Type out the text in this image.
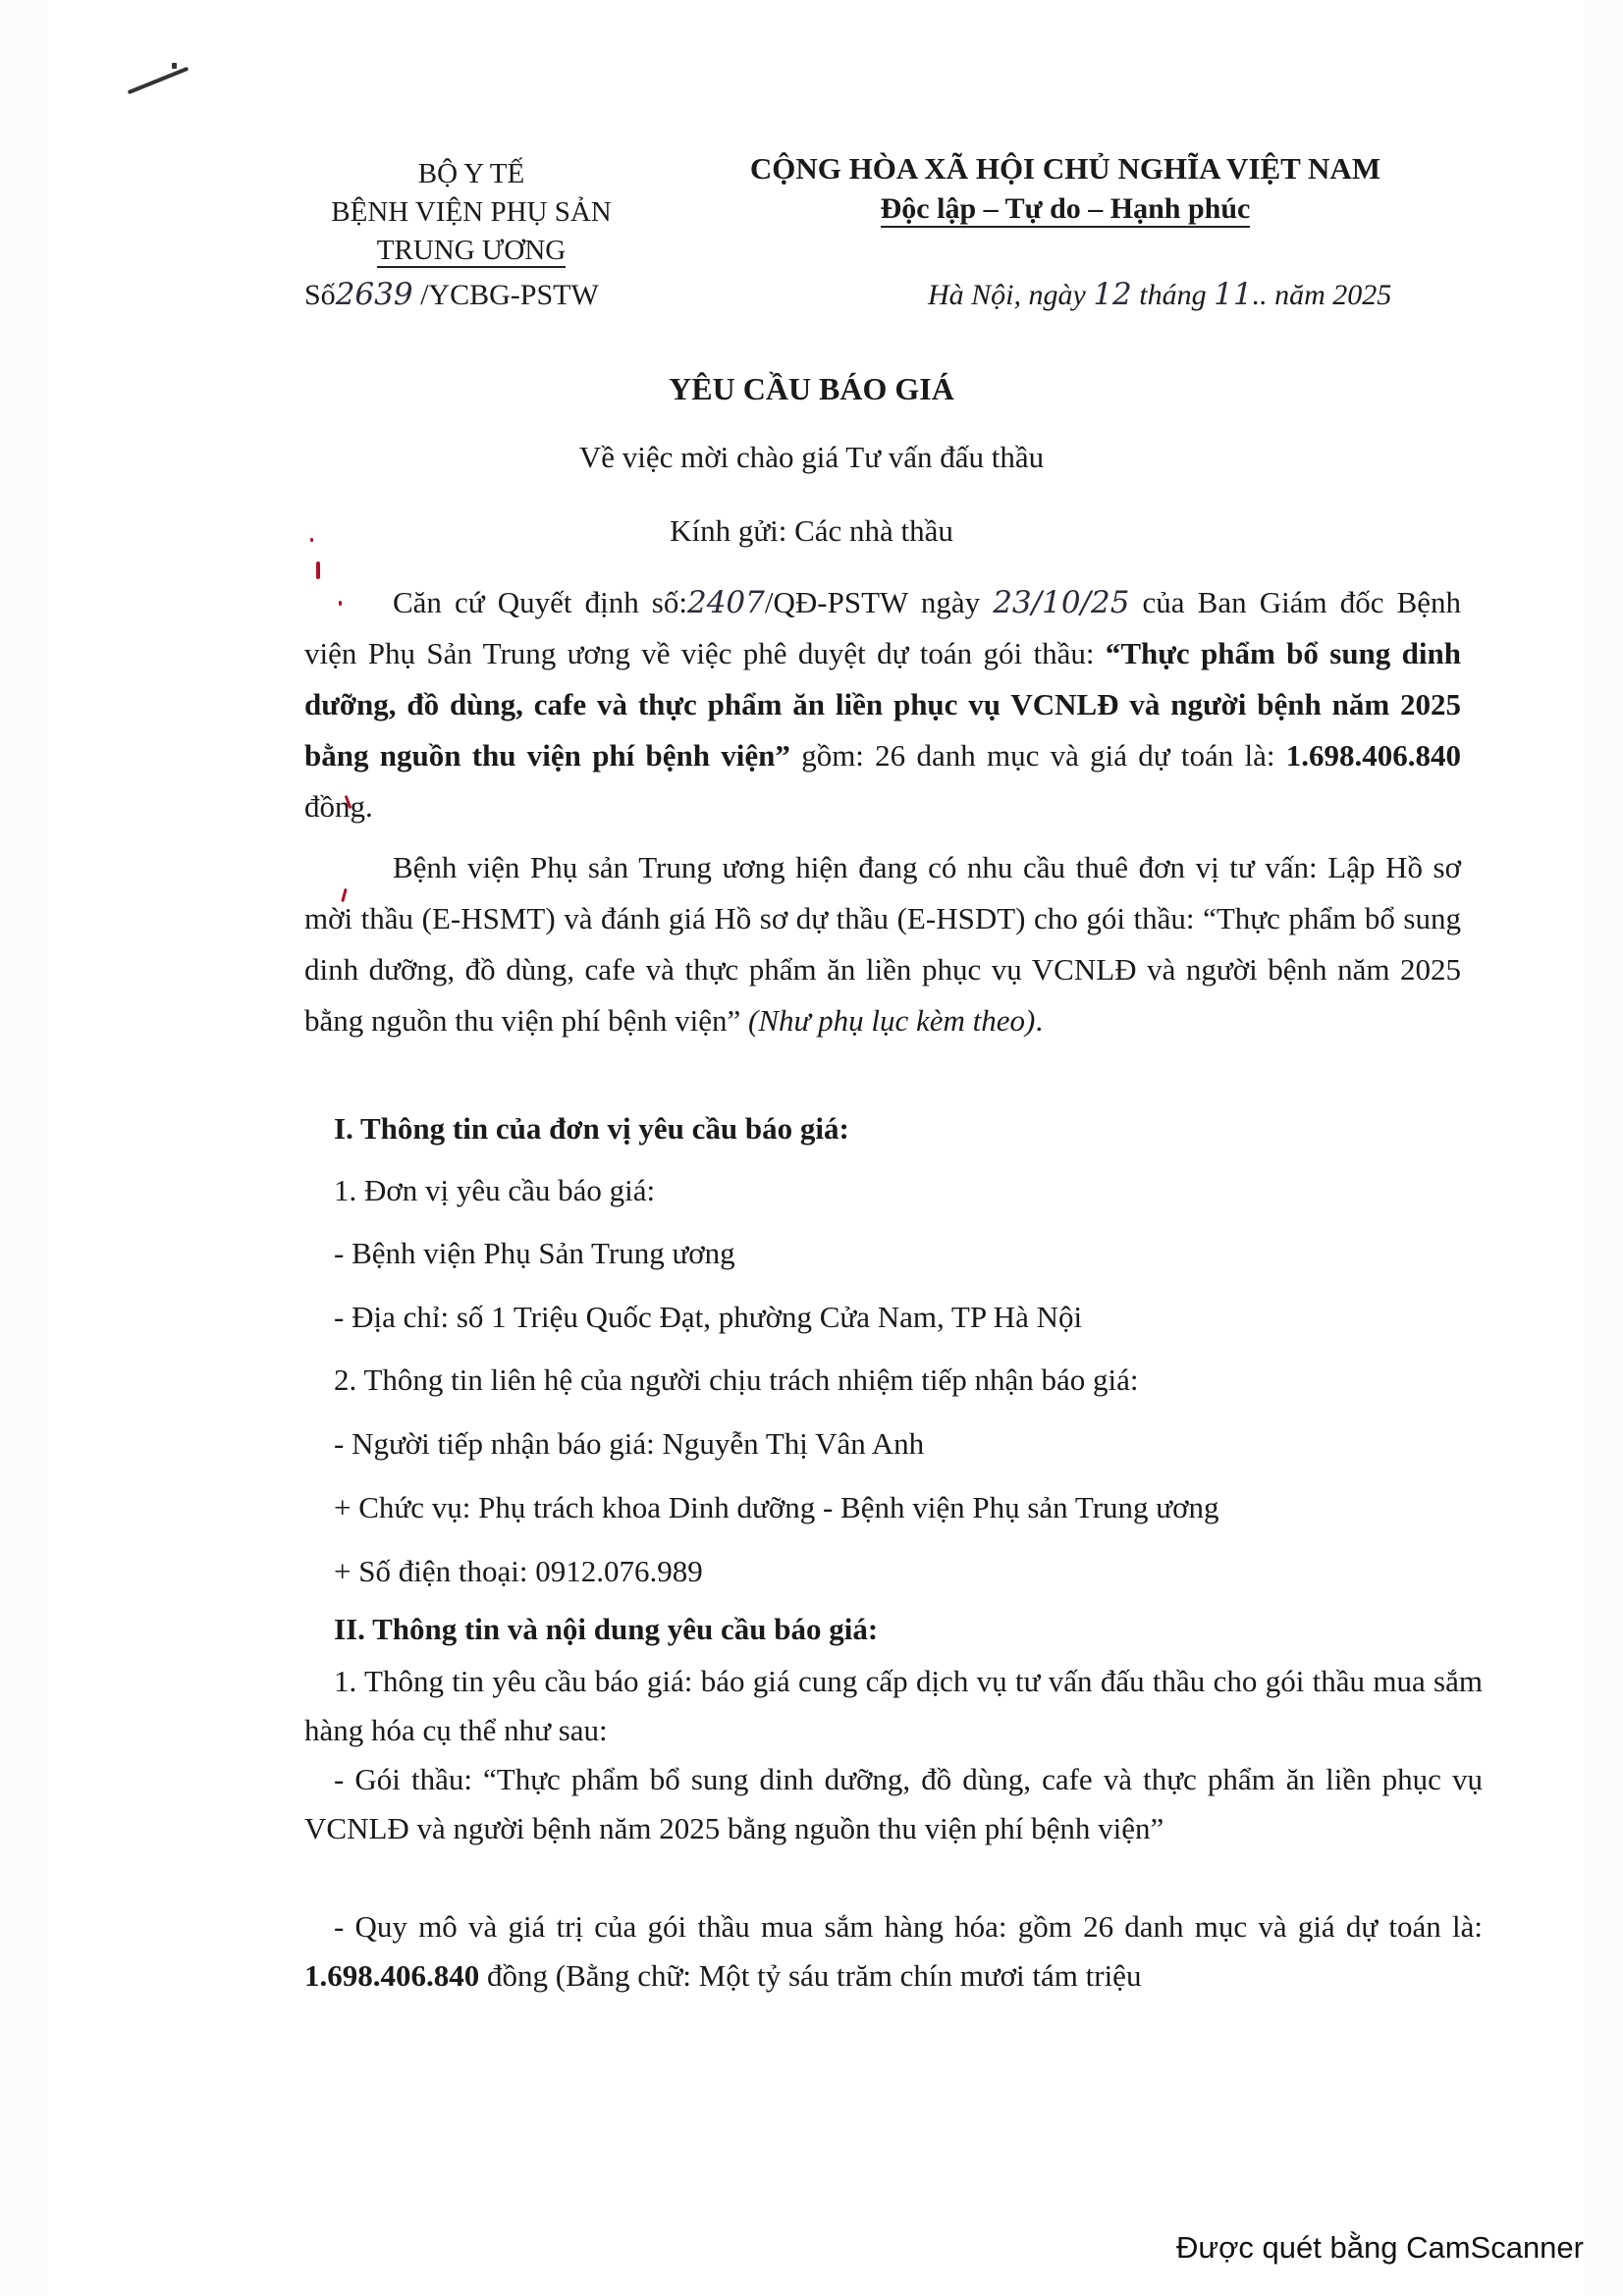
BỘ Y TẾ
BỆNH VIỆN PHỤ SẢN
TRUNG ƯƠNG
CỘNG HÒA XÃ HỘI CHỦ NGHĨA VIỆT NAM
Độc lập – Tự do – Hạnh phúc
Số2639 /YCBG-PSTW	Hà Nội, ngày 12 tháng 11.. năm 2025
YÊU CẦU BÁO GIÁ
Về việc mời chào giá Tư vấn đấu thầu
Kính gửi: Các nhà thầu
Căn cứ Quyết định số:2407/QĐ-PSTW ngày 23/10/25 của Ban Giám đốc Bệnh viện Phụ Sản Trung ương về việc phê duyệt dự toán gói thầu: “Thực phẩm bổ sung dinh dưỡng, đồ dùng, cafe và thực phẩm ăn liền phục vụ VCNLĐ và người bệnh năm 2025 bằng nguồn thu viện phí bệnh viện” gồm: 26 danh mục và giá dự toán là: 1.698.406.840 đồng.
Bệnh viện Phụ sản Trung ương hiện đang có nhu cầu thuê đơn vị tư vấn: Lập Hồ sơ mời thầu (E-HSMT) và đánh giá Hồ sơ dự thầu (E-HSDT) cho gói thầu: “Thực phẩm bổ sung dinh dưỡng, đồ dùng, cafe và thực phẩm ăn liền phục vụ VCNLĐ và người bệnh năm 2025 bằng nguồn thu viện phí bệnh viện” (Như phụ lục kèm theo).
I. Thông tin của đơn vị yêu cầu báo giá:
1. Đơn vị yêu cầu báo giá:
- Bệnh viện Phụ Sản Trung ương
- Địa chỉ: số 1 Triệu Quốc Đạt, phường Cửa Nam, TP Hà Nội
2. Thông tin liên hệ của người chịu trách nhiệm tiếp nhận báo giá:
- Người tiếp nhận báo giá: Nguyễn Thị Vân Anh
+ Chức vụ: Phụ trách khoa Dinh dưỡng - Bệnh viện Phụ sản Trung ương
+ Số điện thoại: 0912.076.989
II. Thông tin và nội dung yêu cầu báo giá:
1. Thông tin yêu cầu báo giá: báo giá cung cấp dịch vụ tư vấn đấu thầu cho gói thầu mua sắm hàng hóa cụ thể như sau:
- Gói thầu: “Thực phẩm bổ sung dinh dưỡng, đồ dùng, cafe và thực phẩm ăn liền phục vụ VCNLĐ và người bệnh năm 2025 bằng nguồn thu viện phí bệnh viện”
- Quy mô và giá trị của gói thầu mua sắm hàng hóa: gồm 26 danh mục và giá dự toán là: 1.698.406.840 đồng (Bằng chữ: Một tỷ sáu trăm chín mươi tám triệu
Được quét bằng CamScanner
